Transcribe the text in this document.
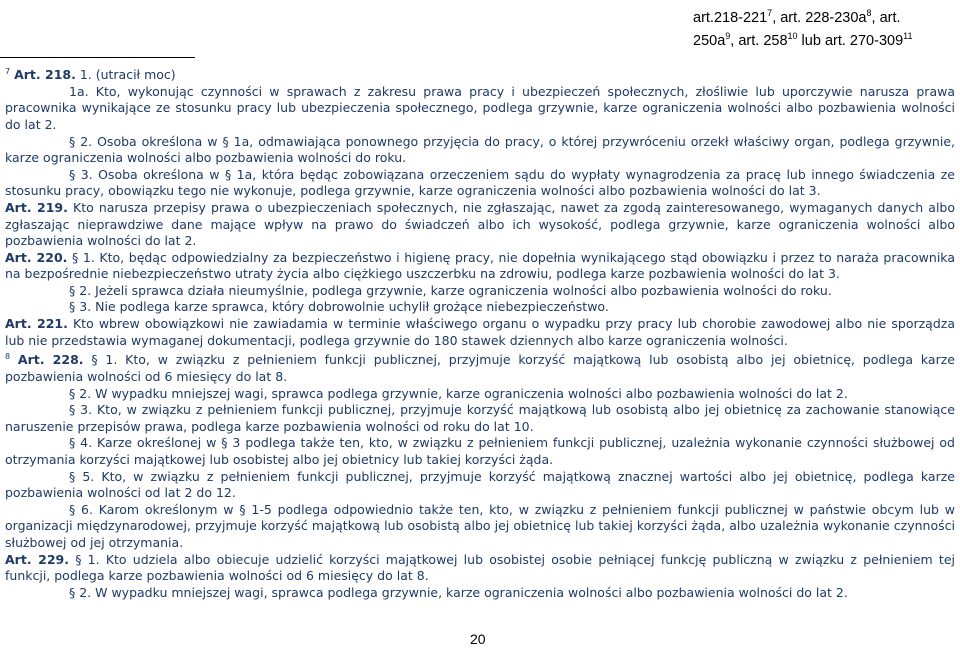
$art.218-221^7$, art. $228-230a^8$, art.
$250a^9$, art. $258^{10}$ lub art. $270-309^{11}$

$^7$ Art. 218. 1. (utracił moc)

1a. Kto, wykonując czynności w sprawach z zakresu prawa pracy i ubezpieczeń społecznych, złośliwie lub uporczywie narusza prawa pracownika wynikające ze stosunku pracy lub ubezpieczenia społecznego, podlega grzywnie, karze ograniczenia wolności albo pozbawienia wolności do lat 2.

§ 2. Osoba określona w § 1a, odmawiająca ponownego przyjęcia do pracy, o której przywróceniu orzekł właściwy organ, podlega grzywnie, karze ograniczenia wolności albo pozbawienia wolności do roku.

§ 3. Osoba określona w § 1a, która będąc zobowiązana orzeczeniem sądu do wypłaty wynagrodzenia za pracę lub innego świadczenia ze stosunku pracy, obowiązku tego nie wykonuje, podlega grzywnie, karze ograniczenia wolności albo pozbawienia wolności do lat 3.

Art. 219. Kto narusza przepisy prawa o ubezpieczeniach społecznych, nie zgłaszając, nawet za zgodą zainteresowanego, wymaganych danych albo zgłaszając nieprawdziwe dane mające wpływ na prawo do świadczeń albo ich wysokość, podlega grzywnie, karze ograniczenia wolności albo pozbawienia wolności do lat 2.

Art. 220. § 1. Kto, będąc odpowiedzialny za bezpieczeństwo i higienę pracy, nie dopełnia wynikającego stąd obowiązku i przez to naraża pracownika na bezpośrednie niebezpieczeństwo utraty życia albo ciężkiego uszczerbku na zdrowiu, podlega karze pozbawienia wolności do lat 3.

§ 2. Jeżeli sprawca działa nieumyślnie, podlega grzywnie, karze ograniczenia wolności albo pozbawienia wolności do roku.

§ 3. Nie podlega karze sprawca, który dobrowolnie uchylił grożące niebezpieczeństwo.

Art. 221. Kto wbrew obowiązkowi nie zawiadamia w terminie właściwego organu o wypadku przy pracy lub chorobie zawodowej albo nie sporządza lub nie przedstawia wymaganej dokumentacji, podlega grzywnie do 180 stawek dziennych albo karze ograniczenia wolności.

$^8$ Art. 228. § 1. Kto, w związku z pełnieniem funkcji publicznej, przyjmuje korzyść majątkową lub osobistą albo jej obietnicę, podlega karze pozbawienia wolności od 6 miesięcy do lat 8.

§ 2. W wypadku mniejszej wagi, sprawca podlega grzywnie, karze ograniczenia wolności albo pozbawienia wolności do lat 2.

§ 3. Kto, w związku z pełnieniem funkcji publicznej, przyjmuje korzyść majątkową lub osobistą albo jej obietnicę za zachowanie stanowiące naruszenie przepisów prawa, podlega karze pozbawienia wolności od roku do lat 10.

§ 4. Karze określonej w § 3 podlega także ten, kto, w związku z pełnieniem funkcji publicznej, uzależnia wykonanie czynności służbowej od otrzymania korzyści majątkowej lub osobistej albo jej obietnicy lub takiej korzyści żąda.

§ 5. Kto, w związku z pełnieniem funkcji publicznej, przyjmuje korzyść majątkową znacznej wartości albo jej obietnicę, podlega karze pozbawienia wolności od lat 2 do 12.

§ 6. Karom określonym w § 1-5 podlega odpowiednio także ten, kto, w związku z pełnieniem funkcji publicznej w państwie obcym lub w organizacji międzynarodowej, przyjmuje korzyść majątkową lub osobistą albo jej obietnicę lub takiej korzyści żąda, albo uzależnia wykonanie czynności służbowej od jej otrzymania.

Art. 229. § 1. Kto udziela albo obiecuje udzielić korzyści majątkowej lub osobistej osobie pełniącej funkcję publiczną w związku z pełnieniem tej funkcji, podlega karze pozbawienia wolności od 6 miesięcy do lat 8.

§ 2. W wypadku mniejszej wagi, sprawca podlega grzywnie, karze ograniczenia wolności albo pozbawienia wolności do lat 2.

20
